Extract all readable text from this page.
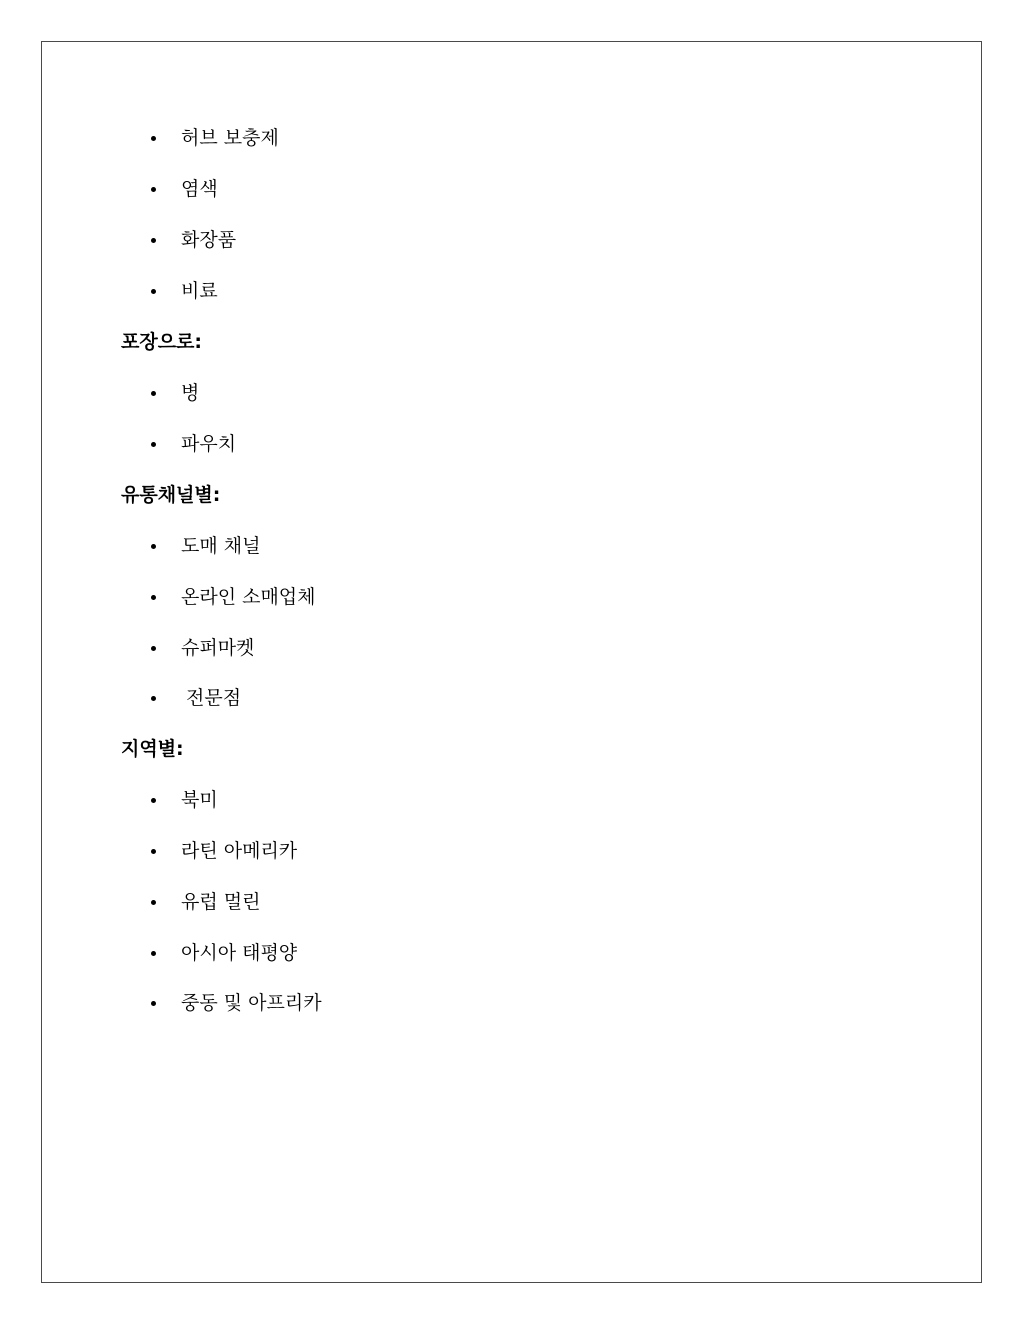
허브 보충제
염색
화장품
비료
포장으로:
병
파우치
유통채널별:
도매 채널
온라인 소매업체
슈퍼마켓
전문점
지역별:
북미
라틴 아메리카
유럽 멀린
아시아 태평양
중동 및 아프리카
